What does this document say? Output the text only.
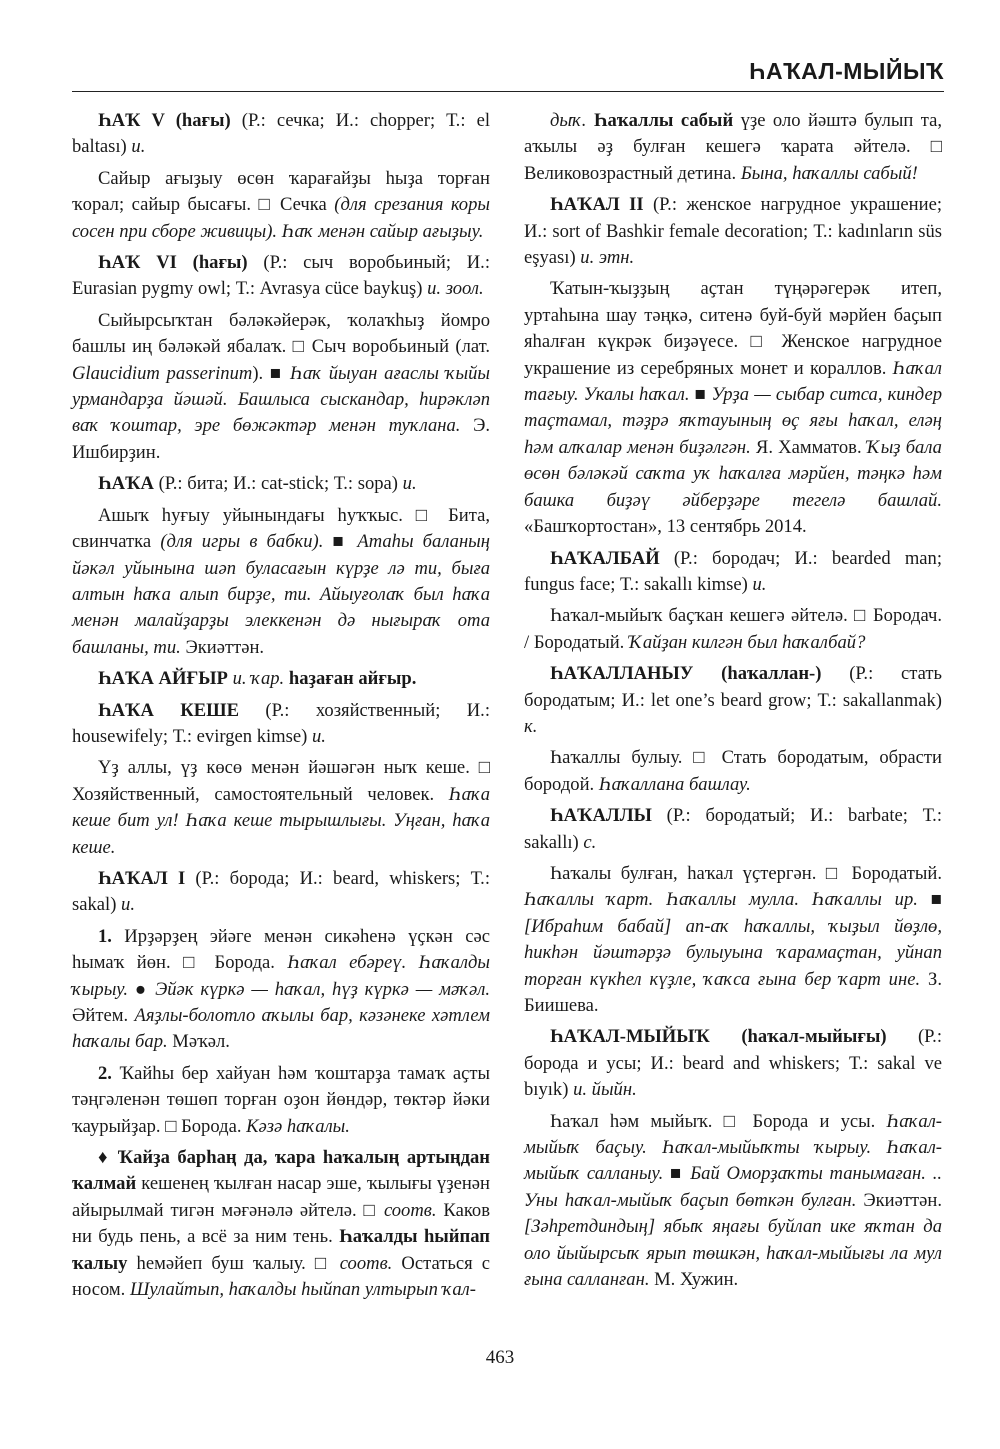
ҺАҠАЛ-МЫЙЫҠ

ҺАҠ V (һағы) (Р.: сечка; И.: chopper; Т.: el baltası) и.

Сайыр ағыҙыу өсөн ҡарағайҙы һыҙа торған ҡорал; сайыр бысағы. □ Сечка (для срезания коры сосен при сборе живицы). Һаҡ менән сайыр ағыҙыу.

ҺАҠ VI (һағы) (Р.: сыч воробьиный; И.: Eurasian pygmy owl; Т.: Avrasya cüce baykuş) и. зоол.

Сыйырсыҡтан бәләкәйерәк, ҡолаҡһыҙ йомро башлы иң бәләкәй ябалаҡ. □ Сыч воробьиный (лат. Glaucidium passerinum). ■ Һаҡ йыуан ағаслы ҡыйы урмандарҙа йәшәй. Башлыса сыскандар, һирәкләп ваҡ ҡоштар, эре бөжәктәр менән туҡлана. Э. Ишбирҙин.

ҺАҠА (Р.: бита; И.: cat-stick; Т.: sopa) и.

Ашыҡ һуғыу уйынындағы һуҡҡыс. □ Бита, свинчатка (для игры в бабки). ■ Атаһы баланың йәкәл уйынына шәп буласағын күрҙе лә ти, быға алтын һаҡа алып бирҙе, ти. Айыуғолаҡ был һаҡа менән малайҙарҙы элеккенән дә нығыраҡ ота башланы, ти. Экиәттән.

ҺАҠА АЙҒЫР и. ҡар. һаҙаған айғыр.

ҺАҠА КЕШЕ (Р.: хозяйственный; И.: housewifely; Т.: evirgen kimse) и.

Үҙ аллы, үҙ көсө менән йәшәгән ныҡ кеше. □ Хозяйственный, самостоятельный человек. Һаҡа кеше бит ул! Һаҡа кеше тырышлығы. Уңған, һаҡа кеше.

ҺАҠАЛ I (Р.: борода; И.: beard, whiskers; Т.: sakal) и.

1. Ирҙәрҙең эйәге менән сикәһенә үҫкән сәс һымаҡ йөн. □ Борода. Һаҡал ебәреү. Һаҡалды ҡырыу. ● Эйәк күркә — һаҡал, һүҙ күркә — мәҡәл. Әйтем. Аяҙлы-болотло аҡылы бар, кәзәнеке хәтлем һаҡалы бар. Мәҡәл.

2. Ҡайһы бер хайуан һәм ҡоштарҙа тамаҡ аҫты тәңгәленән төшөп торған оҙон йөндәр, төктәр йәки ҡаурыйҙар. □ Борода. Кәзә һаҡалы.

♦ Ҡайҙа барһаң да, ҡара һаҡалың артыңдан ҡалмай кешенең ҡылған насар эше, ҡылығы үҙенән айырылмай тигән мәғәнәлә әйтелә. □ соотв. Каков ни будь пень, а всё за ним тень. Һаҡалды һыйпап ҡалыу һемәйеп буш ҡалыу. □ соотв. Остаться с носом. Шулайтып, һаҡалды һыйпап ултырып ҡал-

дыҡ. Һаҡаллы сабый үҙе оло йәштә булып та, аҡылы әҙ булған кешегә ҡарата әйтелә. □ Великовозрастный детина. Бына, һаҡаллы сабый!

ҺАҠАЛ II (Р.: женское нагрудное украшение; И.: sort of Bashkir female decoration; Т.: kadınların süs eşyası) и. этн.

Ҡатын-ҡыҙҙың аҫтан түңәрәгерәк итеп, уртаһына шау тәңкә, ситенә буй-буй мәрйен баҫып яһалған күкрәк биҙәүесе. □ Женское нагрудное украшение из серебряных монет и кораллов. Һаҡал тағыу. Укалы һаҡал. ■ Урҙа — сыбар ситса, киндер таҫтамал, тәҙрә яҡтауының өҫ яғы һаҡал, еләң һәм алҡалар менән биҙәлгән. Я. Хамматов. Ҡыҙ бала өсөн бәләкәй саҡта уҡ һаҡалға мәрйен, тәңкә һәм башка биҙәү әйберҙәре тегелә башлай. «Башҡортостан», 13 сентябрь 2014.

ҺАҠАЛБАЙ (Р.: бородач; И.: bearded man; fungus face; Т.: sakallı kimse) и.

Һаҡал-мыйыҡ баҫҡан кешегә әйтелә. □ Бородач. / Бородатый. Ҡайҙан килгән был һаҡалбай?

ҺАҠАЛЛАНЫУ (һаҡаллан-) (Р.: стать бородатым; И.: let one’s beard grow; Т.: sakallanmak) к.

Һаҡаллы булыу. □ Стать бородатым, обрасти бородой. Һаҡаллана башлау.

ҺАҠАЛЛЫ (Р.: бородатый; И.: barbate; Т.: sakallı) с.

Һаҡалы булған, һаҡал үҫтергән. □ Бородатый. Һаҡаллы ҡарт. Һаҡаллы мулла. Һаҡаллы ир. ■ [Ибраһим бабай] ап-аҡ һаҡаллы, ҡыҙыл йөҙлө, һикһән йәштәрҙә булыуына ҡарамаҫтан, уйнап торған күкһел күҙле, ҡаҡса ғына бер ҡарт ине. З. Биишева.

ҺАҠАЛ-МЫЙЫҠ (һаҡал-мыйығы) (Р.: борода и усы; И.: beard and whiskers; Т.: sakal ve bıyık) и. йыйн.

Һаҡал һәм мыйыҡ. □ Борода и усы. Һаҡал-мыйыҡ баҫыу. Һаҡал-мыйыҡты ҡырыу. Һаҡал-мыйыҡ салланыу. ■ Бай Оморҙаҡты танымаған. .. Уны һаҡал-мыйыҡ баҫып бөткән булған. Экиәттән. [Зәһретдиндың] ябыҡ яңағы буйлап ике яҡтан да оло йыйырсыҡ ярып төшкән, һаҡал-мыйығы ла мул ғына салланған. М. Хужин.

463
